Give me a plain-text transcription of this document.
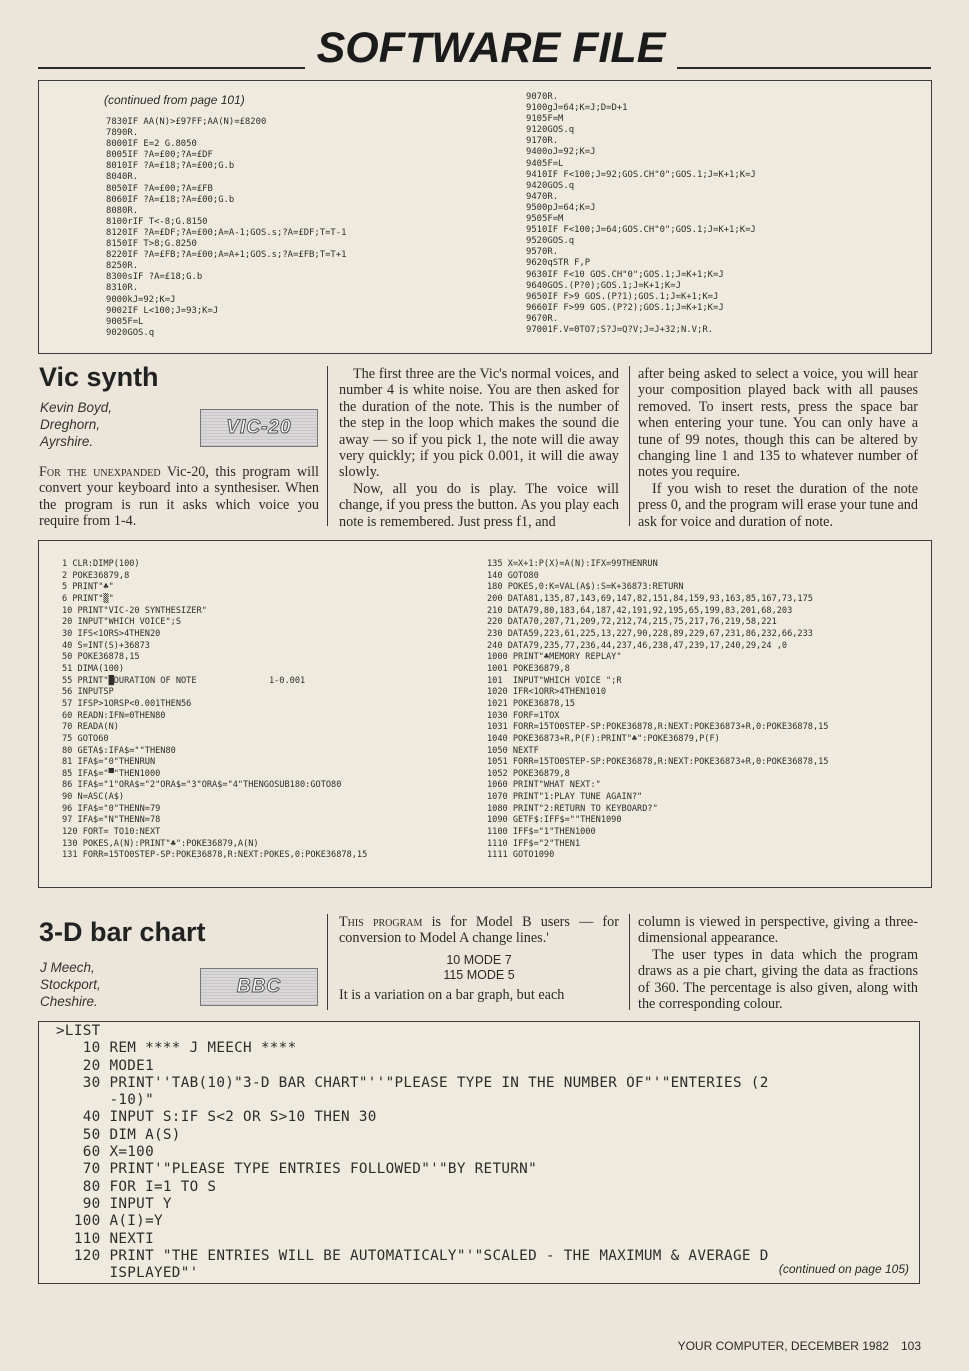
SOFTWARE FILE
(continued from page 101)
7830IF AA(N)>£97FF;AA(N)=£8200
7890R.
8000IF E=2 G.8050
8005IF ?A=£00;?A=£DF
8010IF ?A=£18;?A=£00;G.b
8040R.
8050IF ?A=£00;?A=£FB
8060IF ?A=£18;?A=£00;G.b
8080R.
8100rIF T<-8;G.8150
8120IF ?A=£DF;?A=£00;A=A-1;GOS.s;?A=£DF;T=T-1
8150IF T>8;G.8250
8220IF ?A=£FB;?A=£00;A=A+1;GOS.s;?A=£FB;T=T+1
8250R.
8300sIF ?A=£18;G.b
8310R.
9000kJ=92;K=J
9002IF L<100;J=93;K=J
9005F=L
9020GOS.q
9070R.
9100gJ=64;K=J;D=D+1
9105F=M
9120GOS.q
9170R.
9400oJ=92;K=J
9405F=L
9410IF F<100;J=92;GOS.CH"0";GOS.1;J=K+1;K=J
9420GOS.q
9470R.
9500pJ=64;K=J
9505F=M
9510IF F<100;J=64;GOS.CH"0";GOS.1;J=K+1;K=J
9520GOS.q
9570R.
9620qSTR F,P
9630IF F<10 GOS.CH"0";GOS.1;J=K+1;K=J
9640GOS.(P?0);GOS.1;J=K+1;K=J
9650IF F>9 GOS.(P?1);GOS.1;J=K+1;K=J
9660IF F>99 GOS.(P?2);GOS.1;J=K+1;K=J
9670R.
97001F.V=0TO7;S?J=Q?V;J=J+32;N.V;R.
Vic synth
Kevin Boyd,
Dreghorn,
Ayrshire.
VIC-20

For the unexpanded Vic-20, this program will convert your keyboard into a synthesiser. When the program is run it asks which voice you require from 1-4.

The first three are the Vic's normal voices, and number 4 is white noise. You are then asked for the duration of the note. This is the number of the step in the loop which makes the sound die away — so if you pick 1, the note will die away very quickly; if you pick 0.001, it will die away slowly.

Now, all you do is play. The voice will change, if you press the button. As you play each note is remembered. Just press f1, and

after being asked to select a voice, you will hear your composition played back with all pauses removed. To insert rests, press the space bar when entering your tune. You can only have a tune of 99 notes, though this can be altered by changing line 1 and 135 to whatever number of notes you require.

If you wish to reset the duration of the note press 0, and the program will erase your tune and ask for voice and duration of note.

1 CLR:DIMP(100)
2 POKE36879,8
5 PRINT"♣"
6 PRINT"▒"
10 PRINT"VIC-20 SYNTHESIZER"
20 INPUT"WHICH VOICE";S
30 IFS<1ORS>4THEN20
40 S=INT(S)+36873
50 POKE36878,15
51 DIMA(100)
55 PRINT"█DURATION OF NOTE              1-0.001
56 INPUTSP
57 IFSP>1ORSP<0.001THEN56
60 READN:IFN=0THEN80
70 READA(N)
75 GOTO60
80 GETA$:IFA$=""THEN80
81 IFA$="0"THENRUN
85 IFA$="▀"THEN1000
86 IFA$="1"ORA$="2"ORA$="3"ORA$="4"THENGOSUB180:GOTO80
90 N=ASC(A$)
96 IFA$="0"THENN=79
97 IFA$="N"THENN=78
120 FORT= TO10:NEXT
130 POKES,A(N):PRINT"♣":POKE36879,A(N)
131 FORR=15TO0STEP-SP:POKE36878,R:NEXT:POKES,0:POKE36878,15
135 X=X+1:P(X)=A(N):IFX=99THENRUN
140 GOTO80
180 POKES,0:K=VAL(A$):S=K+36873:RETURN
200 DATA81,135,87,143,69,147,82,151,84,159,93,163,85,167,73,175
210 DATA79,80,183,64,187,42,191,92,195,65,199,83,201,68,203
220 DATA70,207,71,209,72,212,74,215,75,217,76,219,58,221
230 DATA59,223,61,225,13,227,90,228,89,229,67,231,86,232,66,233
240 DATA79,235,77,236,44,237,46,238,47,239,17,240,29,24 ,0
1000 PRINT"♣MEMORY REPLAY"
1001 POKE36879,8
101  INPUT"WHICH VOICE ";R
1020 IFR<1ORR>4THEN1010
1021 POKE36878,15
1030 FORF=1TOX
1031 FORR=15TO0STEP-SP:POKE36878,R:NEXT:POKE36873+R,0:POKE36878,15
1040 POKE36873+R,P(F):PRINT"♣":POKE36879,P(F)
1050 NEXTF
1051 FORR=15TO0STEP-SP:POKE36878,R:NEXT:POKE36873+R,0:POKE36878,15
1052 POKE36879,8
1060 PRINT"WHAT NEXT:"
1070 PRINT"1:PLAY TUNE AGAIN?"
1080 PRINT"2:RETURN TO KEYBOARD?"
1090 GETF$:IFF$=""THEN1090
1100 IFF$="1"THEN1000
1110 IFF$="2"THEN1
1111 GOTO1090
3-D bar chart
J Meech,
Stockport,
Cheshire.
BBC

This program is for Model B users — for conversion to Model A change lines.'

10 MODE 7

115 MODE 5

It is a variation on a bar graph, but each

column is viewed in perspective, giving a three-dimensional appearance.

The user types in data which the program draws as a pie chart, giving the data as fractions of 360. The percentage is also given, along with the corresponding colour.

>LIST
10 REM **** J MEECH ****
20 MODE1
30 PRINT''TAB(10)"3-D BAR CHART"''"PLEASE TYPE IN THE NUMBER OF"'"ENTERIES (2
-10)"
40 INPUT S:IF S<2 OR S>10 THEN 30
50 DIM A(S)
60 X=100
70 PRINT'"PLEASE TYPE ENTRIES FOLLOWED"'"BY RETURN"
80 FOR I=1 TO S
90 INPUT Y
100 A(I)=Y
110 NEXTI
120 PRINT "THE ENTRIES WILL BE AUTOMATICALY"'"SCALED - THE MAXIMUM & AVERAGE D
ISPLAYED"'	(continued on page 105)
YOUR COMPUTER, DECEMBER 1982 103
